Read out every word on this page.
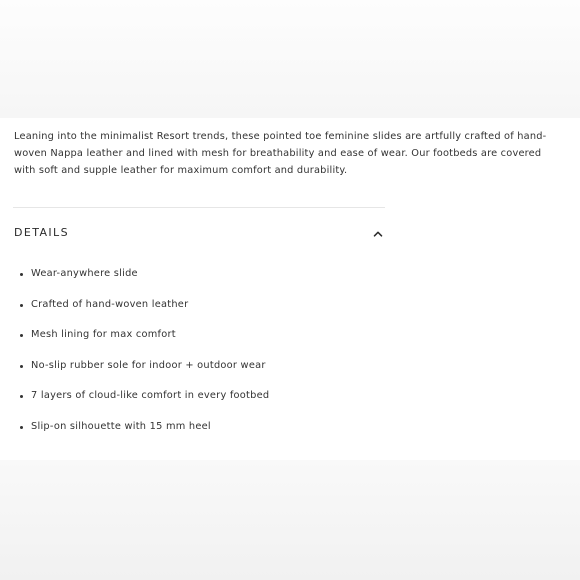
Leaning into the minimalist Resort trends, these pointed toe feminine slides are artfully crafted of hand-woven Nappa leather and lined with mesh for breathability and ease of wear. Our footbeds are covered with soft and supple leather for maximum comfort and durability.

DETAILS
Wear-anywhere slide
Crafted of hand-woven leather
Mesh lining for max comfort
No-slip rubber sole for indoor + outdoor wear
7 layers of cloud-like comfort in every footbed
Slip-on silhouette with 15 mm heel
